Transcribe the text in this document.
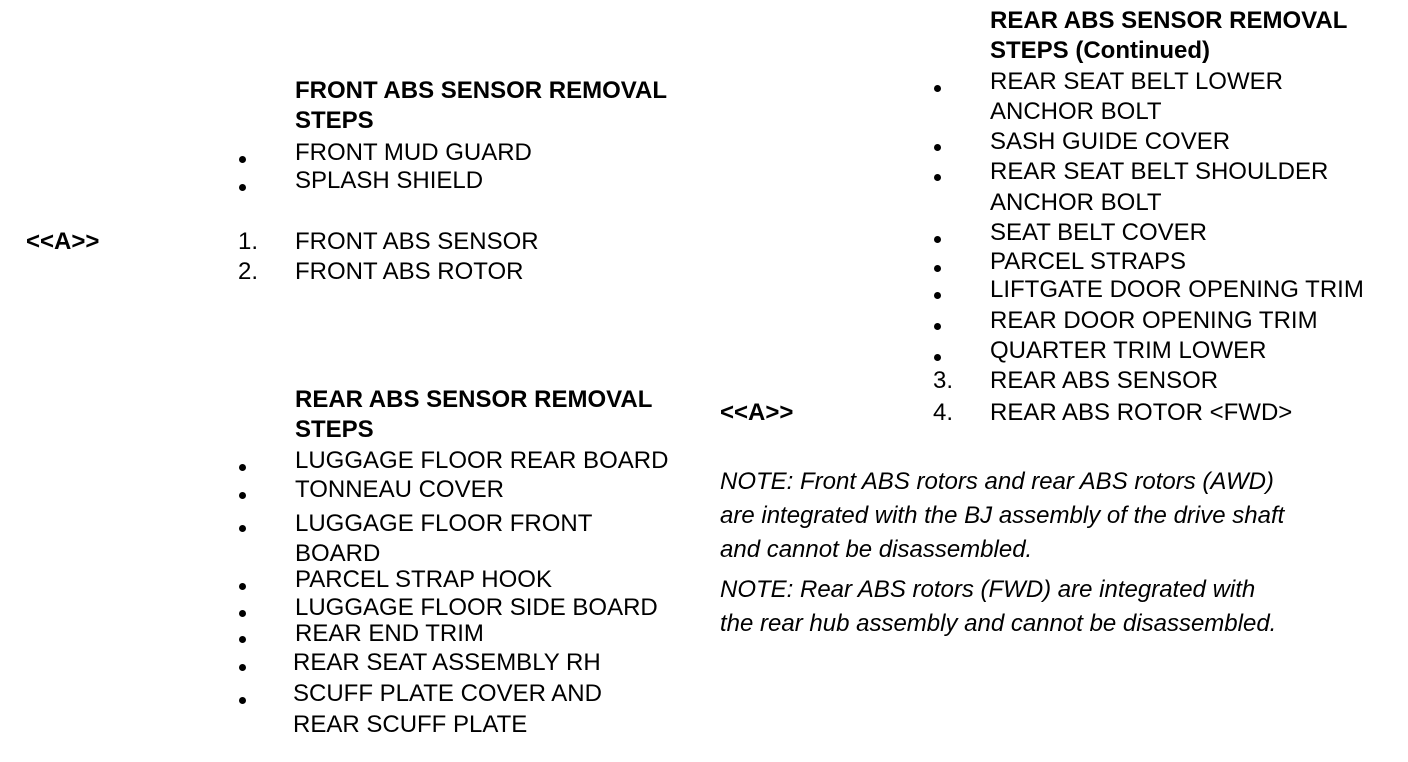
FRONT ABS SENSOR REMOVAL
STEPS
FRONT MUD GUARD
SPLASH SHIELD
<<A>>	1. FRONT ABS SENSOR
2. FRONT ABS ROTOR
REAR ABS SENSOR REMOVAL
STEPS
LUGGAGE FLOOR REAR BOARD
TONNEAU COVER
LUGGAGE FLOOR FRONT
BOARD
PARCEL STRAP HOOK
LUGGAGE FLOOR SIDE BOARD
REAR END TRIM
REAR SEAT ASSEMBLY RH
SCUFF PLATE COVER AND
REAR SCUFF PLATE
REAR ABS SENSOR REMOVAL
STEPS (Continued)
REAR SEAT BELT LOWER
ANCHOR BOLT
SASH GUIDE COVER
REAR SEAT BELT SHOULDER
ANCHOR BOLT
SEAT BELT COVER
PARCEL STRAPS
LIFTGATE DOOR OPENING TRIM
REAR DOOR OPENING TRIM
QUARTER TRIM LOWER
3. REAR ABS SENSOR
<<A>>	4. REAR ABS ROTOR <FWD>
NOTE: Front ABS rotors and rear ABS rotors (AWD)
are integrated with the BJ assembly of the drive shaft
and cannot be disassembled.
NOTE: Rear ABS rotors (FWD) are integrated with
the rear hub assembly and cannot be disassembled.
